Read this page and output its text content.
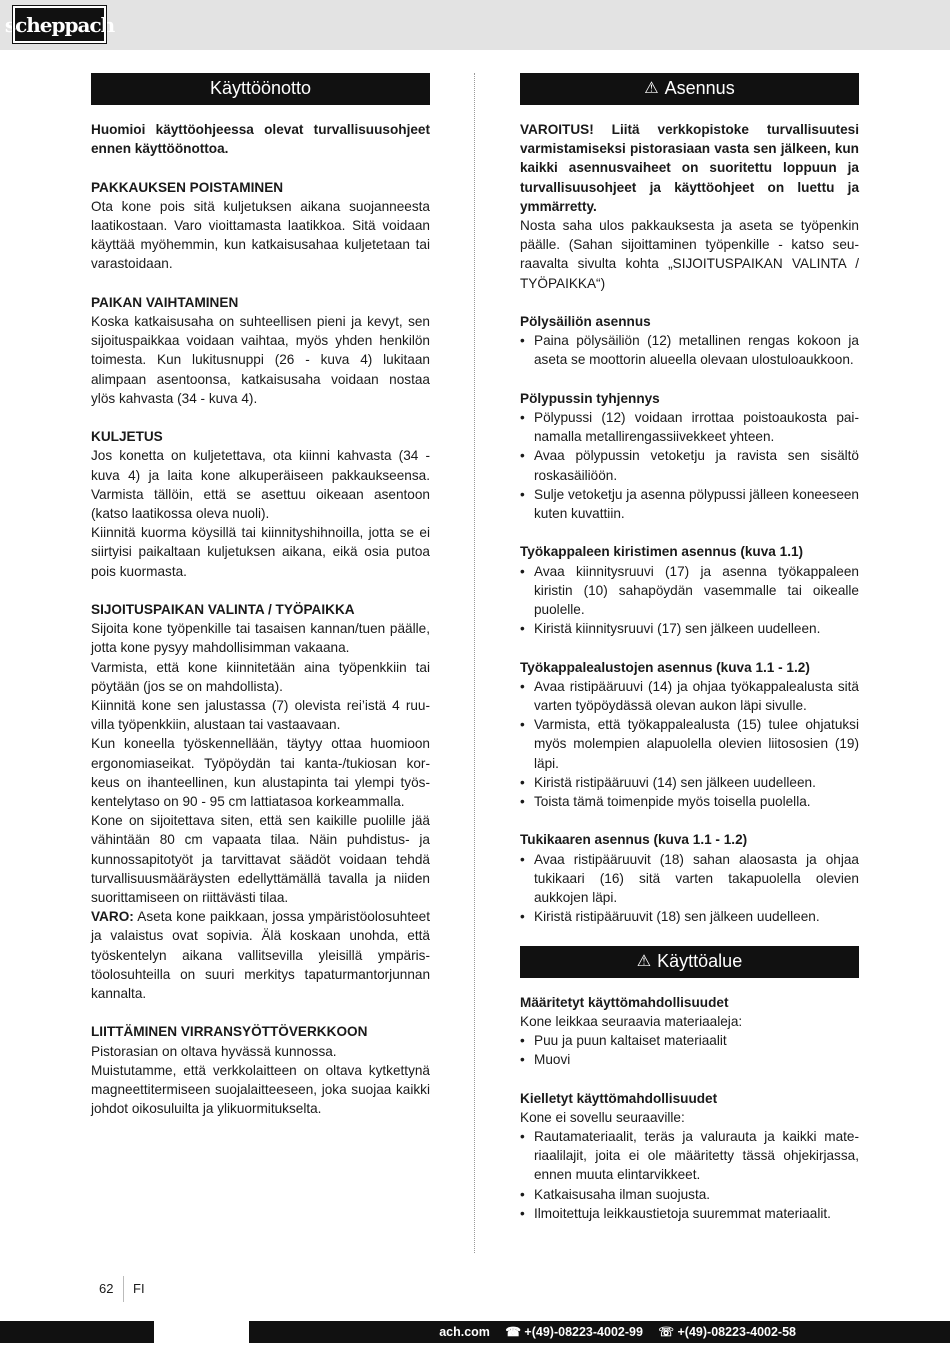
scheppach
Käyttöönotto
Huomioi käyttöohjeessa olevat turvallisuusohjeet ennen käyttöönottoa.
PAKKAUKSEN POISTAMINEN
Ota kone pois sitä kuljetuksen aikana suojanneesta laatikostaan. Varo vioittamasta laatikkoa. Sitä voidaan käyttää myöhemmin, kun katkaisusahaa kuljetetaan tai varastoidaan.
PAIKAN VAIHTAMINEN
Koska katkaisusaha on suhteellisen pieni ja kevyt, sen sijoituspaikkaa voidaan vaihtaa, myös yhden henkilön toimesta. Kun lukitusnuppi (26 - kuva 4) lukitaan alimpaan asentoonsa, katkaisusaha voidaan nostaa ylös kahvasta (34 - kuva 4).
KULJETUS
Jos konetta on kuljetettava, ota kiinni kahvasta (34 - kuva 4) ja laita kone alkuperäiseen pakkaukseensa. Varmista tällöin, että se asettuu oikeaan asentoon (katso laatikossa oleva nuoli).
Kiinnitä kuorma köysillä tai kiinnityshihnoilla, jotta se ei siirtyisi paikaltaan kuljetuksen aikana, eikä osia putoa pois kuormasta.
SIJOITUSPAIKAN VALINTA / TYÖPAIKKA
Sijoita kone työpenkille tai tasaisen kannan/tuen päälle, jotta kone pysyy mahdollisimman vakaana.
Varmista, että kone kiinnitetään aina työpenkkiin tai pöytään (jos se on mahdollista).
Kiinnitä kone sen jalustassa (7) olevista rei’istä 4 ruuvilla työpenkkiin, alustaan tai vastaavaan.
Kun koneella työskennellään, täytyy ottaa huomioon ergonomiaseikat. Työpöydän tai kanta-/tukiosan korkeus on ihanteellinen, kun alustapinta tai ylempi työskentelytaso on 90 - 95 cm lattiatasoa korkeammalla.
Kone on sijoitettava siten, että sen kaikille puolille jää vähintään 80 cm vapaata tilaa. Näin puhdistus- ja kunnossapitotyöt ja tarvittavat säädöt voidaan tehdä turvallisuusmääräysten edellyttämällä tavalla ja niiden suorittamiseen on riittävästi tilaa.
VARO: Aseta kone paikkaan, jossa ympäristöolosuhteet ja valaistus ovat sopivia. Älä koskaan unohda, että työskentelyn aikana vallitsevilla yleisillä ympäristöolosuhteilla on suuri merkitys tapaturmantorjunnan kannalta.
LIITTÄMINEN VIRRANSYÖTTÖVERKKOON
Pistorasian on oltava hyvässä kunnossa.
Muistutamme, että verkkolaitteen on oltava kytkettynä magneettitermiseen suojalaitteeseen, joka suojaa kaikki johdot oikosuluilta ja ylikuormitukselta.
⚠ Asennus
VAROITUS! Liitä verkkopistoke turvallisuutesi varmistamiseksi pistorasiaan vasta sen jälkeen, kun kaikki asennusvaiheet on suoritettu loppuun ja turvallisuusohjeet ja käyttöohjeet on luettu ja ymmärretty.
Nosta saha ulos pakkauksesta ja aseta se työpenkin päälle. (Sahan sijoittaminen työpenkille - katso seuraavalta sivulta kohta „SIJOITUSPAIKAN VALINTA / TYÖPAIKKA“)
Pölysäiliön asennus
• Paina pölysäiliön (12) metallinen rengas kokoon ja aseta se moottorin alueella olevaan ulostuloaukkoon.
Pölypussin tyhjennys
• Pölypussi (12) voidaan irrottaa poistoaukosta painamalla metallirengassiivekkeet yhteen.
• Avaa pölypussin vetoketju ja ravista sen sisältö roskasäiliöön.
• Sulje vetoketju ja asenna pölypussi jälleen koneeseen kuten kuvattiin.
Työkappaleen kiristimen asennus (kuva 1.1)
• Avaa kiinnitysruuvi (17) ja asenna työkappaleen kiristin (10) sahapöydän vasemmalle tai oikealle puolelle.
• Kiristä kiinnitysruuvi (17) sen jälkeen uudelleen.
Työkappalealustojen asennus (kuva 1.1 - 1.2)
• Avaa ristipääruuvi (14) ja ohjaa työkappalealusta sitä varten työpöydässä olevan aukon läpi sivulle.
• Varmista, että työkappalealusta (15) tulee ohjatuksi myös molempien alapuolella olevien liitososien (19) läpi.
• Kiristä ristipääruuvi (14) sen jälkeen uudelleen.
• Toista tämä toimenpide myös toisella puolella.
Tukikaaren asennus (kuva 1.1 - 1.2)
• Avaa ristipääruuvit (18) sahan alaosasta ja ohjaa tukikaari (16) sitä varten takapuolella olevien aukkojen läpi.
• Kiristä ristipääruuvit (18) sen jälkeen uudelleen.
⚠ Käyttöalue
Määritetyt käyttömahdollisuudet
Kone leikkaa seuraavia materiaaleja:
• Puu ja puun kaltaiset materiaalit
• Muovi
Kielletyt käyttömahdollisuudet
Kone ei sovellu seuraaville:
• Rautamateriaalit, teräs ja valurauta ja kaikki materiaalilajit, joita ei ole määritetty tässä ohjekirjassa, ennen muuta elintarvikkeet.
• Katkaisusaha ilman suojusta.
• Ilmoitettuja leikkaustietoja suuremmat materiaalit.
62 FI
ach.com ☎ +(49)-08223-4002-99 ☏ +(49)-08223-4002-58
